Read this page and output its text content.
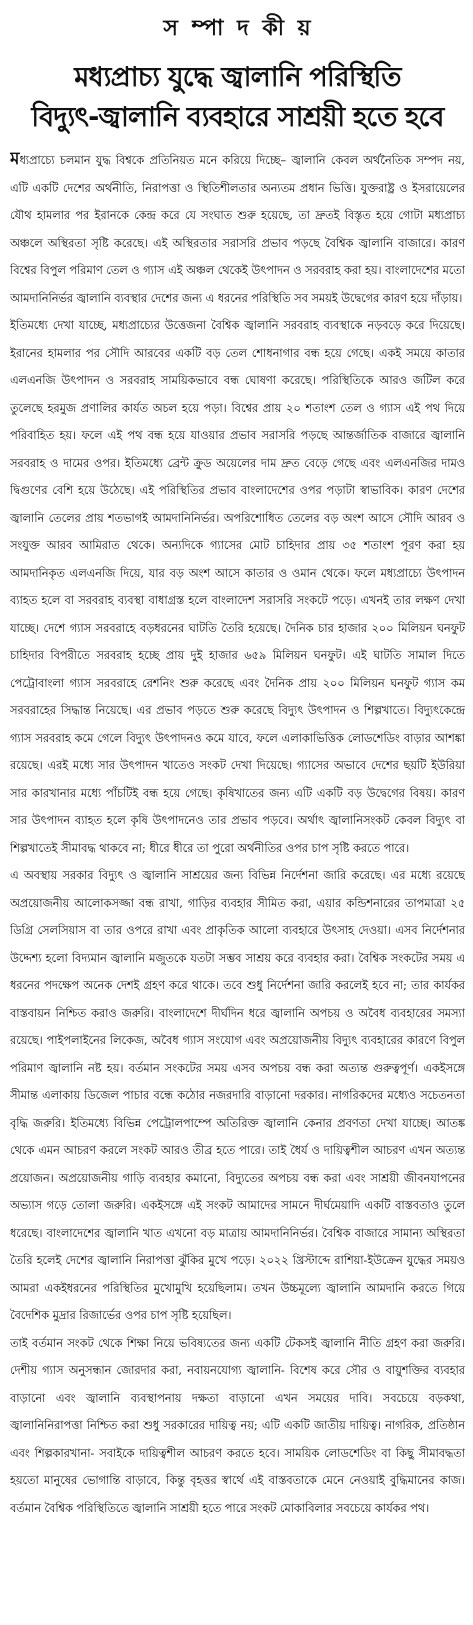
স ম্পা দ কী য়
মধ্যপ্রাচ্য যুদ্ধে জ্বালানি পরিস্থিতি
বিদ্যুৎ-জ্বালানি ব্যবহারে সাশ্রয়ী হতে হবে

মধ্যপ্রাচ্যে চলমান যুদ্ধ বিশ্বকে প্রতিনিয়ত মনে করিয়ে দিচ্ছে– জ্বালানি কেবল অর্থনৈতিক সম্পদ নয়, এটি একটি দেশের অর্থনীতি, নিরাপত্তা ও স্থিতিশীলতার অন্যতম প্রধান ভিত্তি। যুক্তরাষ্ট্র ও ইসরায়েলের যৌথ হামলার পর ইরানকে কেন্দ্র করে যে সংঘাত শুরু হয়েছে, তা দ্রুতই বিস্তৃত হয়ে গোটা মধ্যপ্রাচ্য অঞ্চলে অস্থিরতা সৃষ্টি করেছে। এই অস্থিরতার সরাসরি প্রভাব পড়ছে বৈশ্বিক জ্বালানি বাজারে। কারণ বিশ্বের বিপুল পরিমাণ তেল ও গ্যাস এই অঞ্চল থেকেই উৎপাদন ও সরবরাহ করা হয়। বাংলাদেশের মতো আমদানিনির্ভর জ্বালানি ব্যবস্থার দেশের জন্য এ ধরনের পরিস্থিতি সব সময়ই উদ্বেগের কারণ হয়ে দাঁড়ায়।

ইতিমধ্যে দেখা যাচ্ছে, মধ্যপ্রাচ্যের উত্তেজনা বৈশ্বিক জ্বালানি সরবরাহ ব্যবস্থাকে নড়বড়ে করে দিয়েছে। ইরানের হামলার পর সৌদি আরবের একটি বড় তেল শোধনাগার বন্ধ হয়ে গেছে। একই সময়ে কাতার এলএনজি উৎপাদন ও সরবরাহ সাময়িকভাবে বন্ধ ঘোষণা করেছে। পরিস্থিতিকে আরও জটিল করে তুলেছে হরমুজ প্রণালির কার্যত অচল হয়ে পড়া। বিশ্বের প্রায় ২০ শতাংশ তেল ও গ্যাস এই পথ দিয়ে পরিবাহিত হয়। ফলে এই পথ বন্ধ হয়ে যাওয়ার প্রভাব সরাসরি পড়ছে আন্তর্জাতিক বাজারে জ্বালানি সরবরাহ ও দামের ওপর। ইতিমধ্যে ব্রেন্ট ক্রুড অয়েলের দাম দ্রুত বেড়ে গেছে এবং এলএনজির দামও দ্বিগুণের বেশি হয়ে উঠেছে। এই পরিস্থিতির প্রভাব বাংলাদেশের ওপর পড়াটা স্বাভাবিক। কারণ দেশের জ্বালানি তেলের প্রায় শতভাগই আমদানিনির্ভর। অপরিশোধিত তেলের বড় অংশ আসে সৌদি আরব ও সংযুক্ত আরব আমিরাত থেকে। অন্যদিকে গ্যাসের মোট চাহিদার প্রায় ৩৫ শতাংশ পূরণ করা হয় আমদানিকৃত এলএনজি দিয়ে, যার বড় অংশ আসে কাতার ও ওমান থেকে। ফলে মধ্যপ্রাচ্যে উৎপাদন ব্যাহত হলে বা সরবরাহ ব্যবস্থা বাধাগ্রস্ত হলে বাংলাদেশ সরাসরি সংকটে পড়ে। এখনই তার লক্ষণ দেখা যাচ্ছে। দেশে গ্যাস সরবরাহে বড়ধরনের ঘাটতি তৈরি হয়েছে। দৈনিক চার হাজার ২০০ মিলিয়ন ঘনফুট চাহিদার বিপরীতে সরবরাহ হচ্ছে প্রায় দুই হাজার ৬৫৯ মিলিয়ন ঘনফুট। এই ঘাটতি সামাল দিতে পেট্রোবাংলা গ্যাস সরবরাহে রেশনিং শুরু করেছে এবং দৈনিক প্রায় ২০০ মিলিয়ন ঘনফুট গ্যাস কম সরবরাহের সিদ্ধান্ত নিয়েছে। এর প্রভাব পড়তে শুরু করেছে বিদ্যুৎ উৎপাদন ও শিল্পখাতে। বিদ্যুৎকেন্দ্রে গ্যাস সরবরাহ কমে গেলে বিদ্যুৎ উৎপাদনও কমে যাবে, ফলে এলাকাভিত্তিক লোডশেডিং বাড়ার আশঙ্কা রয়েছে। এরই মধ্যে সার উৎপাদন খাতেও সংকট দেখা দিয়েছে। গ্যাসের অভাবে দেশের ছয়টি ইউরিয়া সার কারখানার মধ্যে পাঁচটিই বন্ধ হয়ে গেছে। কৃষিখাতের জন্য এটি একটি বড় উদ্বেগের বিষয়। কারণ সার উৎপাদন ব্যাহত হলে কৃষি উৎপাদনেও তার প্রভাব পড়বে। অর্থাৎ জ্বালানিসংকট কেবল বিদ্যুৎ বা শিল্পখাতেই সীমাবদ্ধ থাকবে না; ধীরে ধীরে তা পুরো অর্থনীতির ওপর চাপ সৃষ্টি করতে পারে।

এ অবস্থায় সরকার বিদ্যুৎ ও জ্বালানি সাশ্রয়ের জন্য বিভিন্ন নির্দেশনা জারি করেছে। এর মধ্যে রয়েছে অপ্রয়োজনীয় আলোকসজ্জা বন্ধ রাখা, গাড়ির ব্যবহার সীমিত করা, এয়ার কন্ডিশনারের তাপমাত্রা ২৫ ডিগ্রি সেলসিয়াস বা তার ওপরে রাখা এবং প্রাকৃতিক আলো ব্যবহারে উৎসাহ দেওয়া। এসব নির্দেশনার উদ্দেশ্য হলো বিদ্যমান জ্বালানি মজুতকে যতটা সম্ভব সাশ্রয় করে ব্যবহার করা। বৈশ্বিক সংকটের সময় এ ধরনের পদক্ষেপ অনেক দেশই গ্রহণ করে থাকে। তবে শুধু নির্দেশনা জারি করলেই হবে না; তার কার্যকর বাস্তবায়ন নিশ্চিত করাও জরুরি। বাংলাদেশে দীর্ঘদিন ধরে জ্বালানি অপচয় ও অবৈধ ব্যবহারের সমস্যা রয়েছে। পাইপলাইনের লিকেজ, অবৈধ গ্যাস সংযোগ এবং অপ্রয়োজনীয় বিদ্যুৎ ব্যবহারের কারণে বিপুল পরিমাণ জ্বালানি নষ্ট হয়। বর্তমান সংকটের সময় এসব অপচয় বন্ধ করা অত্যন্ত গুরুত্বপূর্ণ। একইসঙ্গে সীমান্ত এলাকায় ডিজেল পাচার বন্ধে কঠোর নজরদারি বাড়ানো দরকার। নাগরিকদের মধ্যেও সচেতনতা বৃদ্ধি জরুরি। ইতিমধ্যে বিভিন্ন পেট্রোলপাম্পে অতিরিক্ত জ্বালানি কেনার প্রবণতা দেখা যাচ্ছে। আতঙ্ক থেকে এমন আচরণ করলে সংকট আরও তীব্র হতে পারে। তাই ধৈর্য ও দায়িত্বশীল আচরণ এখন অত্যন্ত প্রয়োজন। অপ্রয়োজনীয় গাড়ি ব্যবহার কমানো, বিদ্যুতের অপচয় বন্ধ করা এবং সাশ্রয়ী জীবনযাপনের অভ্যাস গড়ে তোলা জরুরি। একইসঙ্গে এই সংকট আমাদের সামনে দীর্ঘমেয়াদি একটি বাস্তবতাও তুলে ধরেছে। বাংলাদেশের জ্বালানি খাত এখনো বড় মাত্রায় আমদানিনির্ভর। বৈশ্বিক বাজারে সামান্য অস্থিরতা তৈরি হলেই দেশের জ্বালানি নিরাপত্তা ঝুঁকির মুখে পড়ে। ২০২২ খ্রিস্টাব্দে রাশিয়া-ইউক্রেন যুদ্ধের সময়ও আমরা একইধরনের পরিস্থিতির মুখোমুখি হয়েছিলাম। তখন উচ্চমূল্যে জ্বালানি আমদানি করতে গিয়ে বৈদেশিক মুদ্রার রিজার্ভের ওপর চাপ সৃষ্টি হয়েছিল।

তাই বর্তমান সংকট থেকে শিক্ষা নিয়ে ভবিষ্যতের জন্য একটি টেকসই জ্বালানি নীতি গ্রহণ করা জরুরি। দেশীয় গ্যাস অনুসন্ধান জোরদার করা, নবায়নযোগ্য জ্বালানি- বিশেষ করে সৌর ও বায়ুশক্তির ব্যবহার বাড়ানো এবং জ্বালানি ব্যবস্থাপনায় দক্ষতা বাড়ানো এখন সময়ের দাবি। সবচেয়ে বড়কথা, জ্বালানিনিরাপত্তা নিশ্চিত করা শুধু সরকারের দায়িত্ব নয়; এটি একটি জাতীয় দায়িত্ব। নাগরিক, প্রতিষ্ঠান এবং শিল্পকারখানা- সবাইকে দায়িত্বশীল আচরণ করতে হবে। সাময়িক লোডশেডিং বা কিছু সীমাবদ্ধতা হয়তো মানুষের ভোগান্তি বাড়াবে, কিন্তু বৃহত্তর স্বার্থে এই বাস্তবতাকে মেনে নেওয়াই বুদ্ধিমানের কাজ। বর্তমান বৈশ্বিক পরিস্থিতিতে জ্বালানি সাশ্রয়ী হতে পারে সংকট মোকাবিলার সবচেয়ে কার্যকর পথ।
